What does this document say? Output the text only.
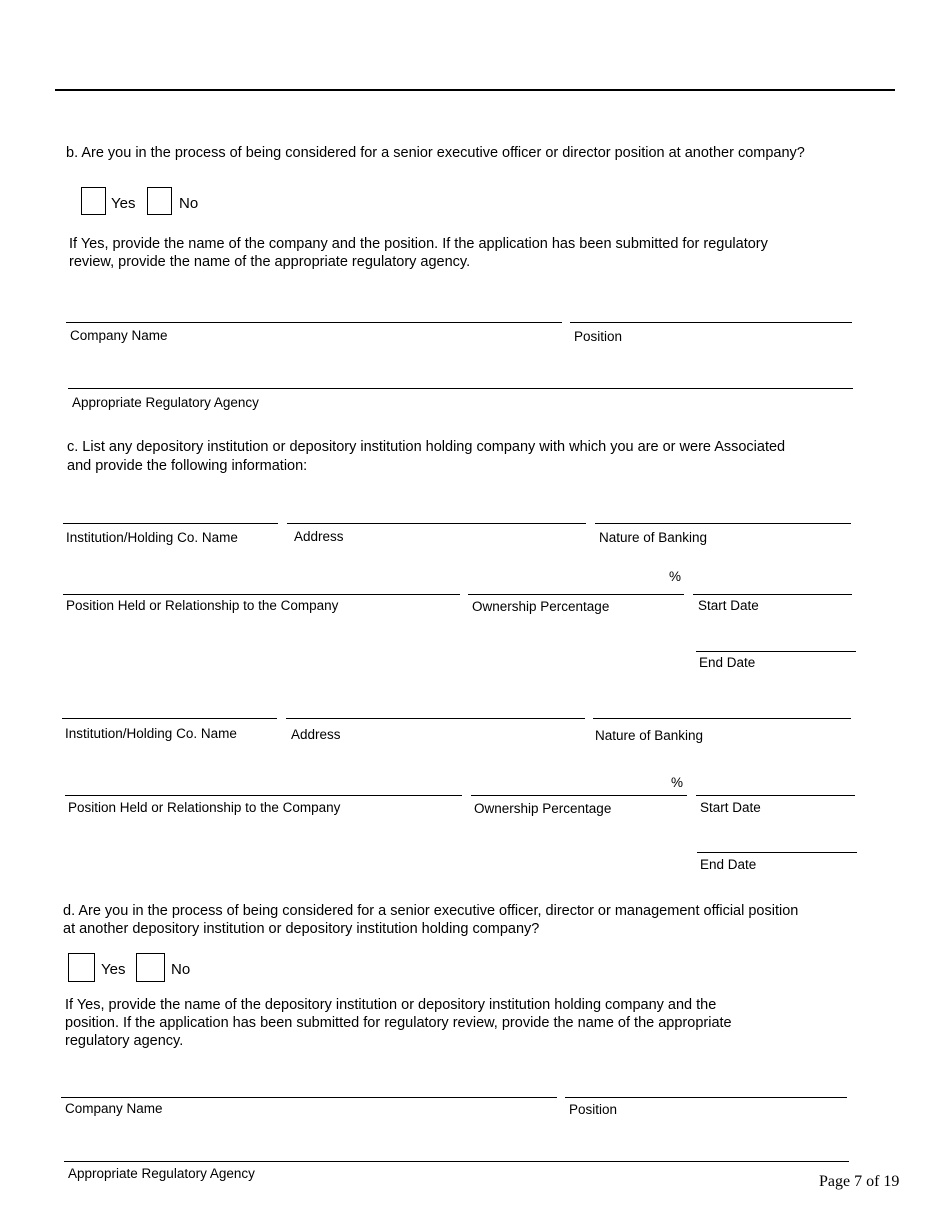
b. Are you in the process of being considered for a senior executive officer or director position at another company?
Yes	No
If Yes, provide the name of the company and the position. If the application has been submitted for regulatory
review, provide the name of the appropriate regulatory agency.
Company Name	Position
Appropriate Regulatory Agency
c. List any depository institution or depository institution holding company with which you are or were Associated
and provide the following information:
Institution/Holding Co. Name	Address	Nature of Banking
%
Position Held or Relationship to the Company	Ownership Percentage	Start Date
End Date
Institution/Holding Co. Name	Address	Nature of Banking
%
Position Held or Relationship to the Company	Ownership Percentage	Start Date
End Date
d. Are you in the process of being considered for a senior executive officer, director or management official position
at another depository institution or depository institution holding company?
Yes	No
If Yes, provide the name of the depository institution or depository institution holding company and the
position. If the application has been submitted for regulatory review, provide the name of the appropriate
regulatory agency.
Company Name	Position
Appropriate Regulatory Agency	Page 7 of 19
